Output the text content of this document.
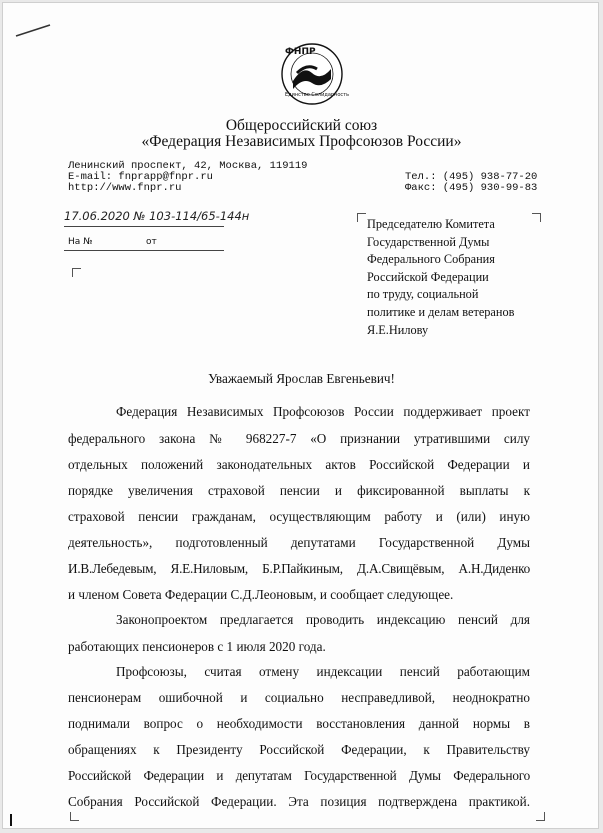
ФНПР
Единство Солидарность
Общероссийский союз
«Федерация Независимых Профсоюзов России»
Ленинский проспект, 42, Москва, 119119
E-mail: fnprapp@fnpr.ru
http://www.fnpr.ru
Тел.: (495) 938-77-20
Факс: (495) 930-99-83
17.06.2020 № 103-114/65-144н
На №	от
Председателю Комитета
Государственной Думы
Федерального Собрания
Российской Федерации
по труду, социальной
политике и делам ветеранов
Я.Е.Нилову
Уважаемый Ярослав Евгеньевич!
Федерация Независимых Профсоюзов России поддерживает проект
федерального закона № 968227-7 «О признании утратившими силу
отдельных положений законодательных актов Российской Федерации и
порядке увеличения страховой пенсии и фиксированной выплаты к
страховой пенсии гражданам, осуществляющим работу и (или) иную
деятельность», подготовленный депутатами Государственной Думы
И.В.Лебедевым, Я.Е.Ниловым, Б.Р.Пайкиным, Д.А.Свищёвым, А.Н.Диденко
и членом Совета Федерации С.Д.Леоновым, и сообщает следующее.
Законопроектом предлагается проводить индексацию пенсий для
работающих пенсионеров с 1 июля 2020 года.
Профсоюзы, считая отмену индексации пенсий работающим
пенсионерам ошибочной и социально несправедливой, неоднократно
поднимали вопрос о необходимости восстановления данной нормы в
обращениях к Президенту Российской Федерации, к Правительству
Российской Федерации и депутатам Государственной Думы Федерального
Собрания Российской Федерации. Эта позиция подтверждена практикой.
